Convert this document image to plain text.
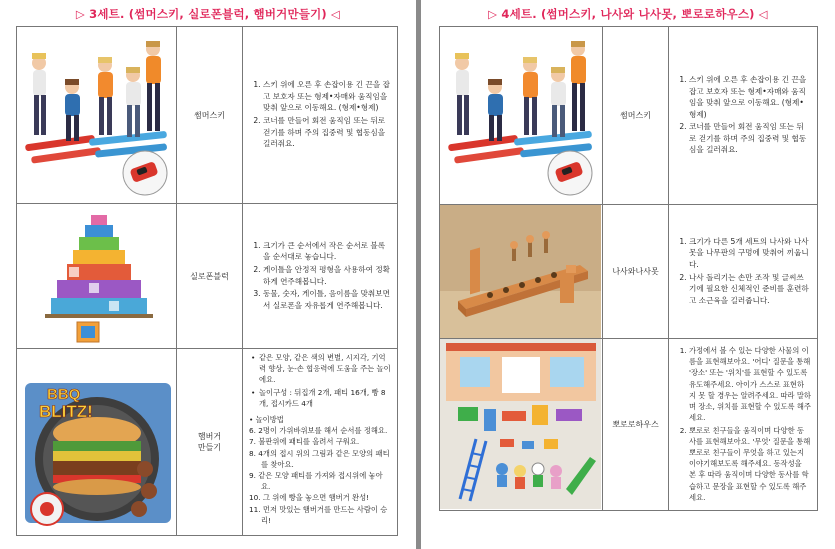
▷ 3세트. (썸머스키, 실로폰블럭, 햄버거만들기) ◁
썸머스키
1. 스키 위에 오른 후 손잡이용 긴 끈을 잡고 보호자 또는 형제•자매와 움직임을 맞춰 앞으로 이동해요. (형제•형제)
2. 코너를 만들어 회전 움직임 또는 뒤로 걷기를 하며 주의 집중력 및 협동심을 길러줘요.
실로폰블럭
1. 크기가 큰 순서에서 작은 순서로 블록을 순서대로 놓습니다.
2. 게이틀을 안정적 평형을 사용하여 정확하게 연주해봅니다.
3. 동물, 숫자, 게이틀, 음이름을 맞춰보면서 실로폰을 자유롭게 연주해봅니다.
BBQ
BLITZ!
햄버거
만들기

• 같은 모양, 같은 색의 변별, 시지각, 기억력 향상, 눈-손 협응력에 도움을 주는 놀이에요.

• 놀이구성 : 뒤집개 2개, 패티 16개, 빵 8개, 접시카드 4개

• 놀이방법

6. 2명이 가위바위보를 해서 순서를 정해요.

7. 불판위에 패티를 올려서 구워요.

8. 4개의 접시 위의 그림과 같은 모양의 패티를 찾아요.

9. 같은 모양 패티를 가져와 접시위에 놓아요.

10. 그 위에 빵을 놓으면 햄버거 완성!

11. 먼저 맛있는 햄버거를 만드는 사람이 승리!

▷ 4세트. (썸머스키, 나사와 나사못, 뽀로로하우스) ◁
썸머스키
1. 스키 위에 오른 후 손잡이용 긴 끈을 잡고 보호자 또는 형제•자매와 움직임을 맞춰 앞으로 이동해요. (형제•형제)
2. 코너를 만들어 회전 움직임 또는 뒤로 걷기를 하며 주의 집중력 및 협동심을 길러줘요.
나사와나사못
1. 크기가 다른 5개 세트의 나사와 나사못을 나무판의 구멍에 맞춰어 끼웁니다.
2. 나사 돌리기는 손만 조작 및 글씨쓰기에 필요한 신체적인 준비를 훈련하고 소근육을 길러줍니다.
뽀로로하우스
1. 가정에서 볼 수 있는 다양한 사물의 이름을 표현해보아요. '어디' 질문을 통해 '장소' 또는 '위치'를 표현할 수 있도록 유도해주세요. 아이가 스스로 표현하지 못 할 경우는 알려주세요. 따라 말하며 장소, 위치를 표현할 수 있도록 해주세요.
2. 뽀로로 친구들을 움직이며 다양한 동사를 표현해보아요. '무엇' 질문을 통해 뽀로로 친구들이 무엇을 하고 있는지 이야기해보도록 해주세요. 동작성을 본 후 따라 움직이며 다양한 동사를 학습하고 문장을 표현할 수 있도록 해주세요.
